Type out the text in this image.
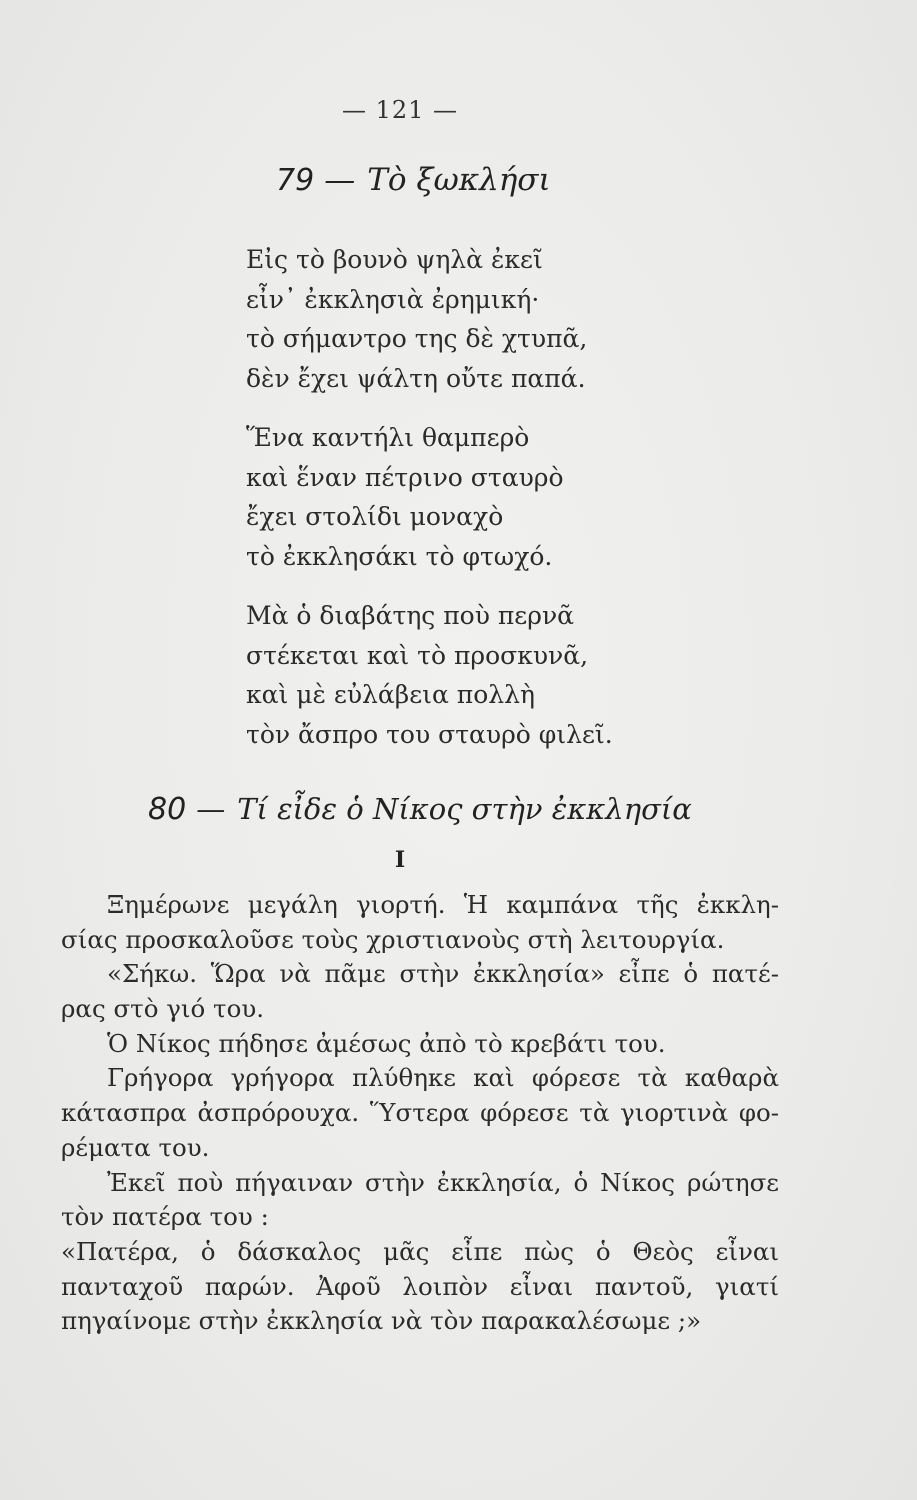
— 121 —
79 — Τὸ ξωκλήσι
Εἰς τὸ βουνὸ ψηλὰ ἐκεῖ
εἶν᾽ ἐκκλησιὰ ἐρημική·
τὸ σήμαντρο της δὲ χτυπᾶ,
δὲν ἔχει ψάλτη οὔτε παπά.
Ἕνα καντήλι θαμπερὸ
καὶ ἕναν πέτρινο σταυρὸ
ἔχει στολίδι μοναχὸ
τὸ ἐκκλησάκι τὸ φτωχό.
Μὰ ὁ διαβάτης ποὺ περνᾶ
στέκεται καὶ τὸ προσκυνᾶ,
καὶ μὲ εὐλάβεια πολλὴ
τὸν ἄσπρο του σταυρὸ φιλεῖ.
80 — Τί εἶδε ὁ Νίκος στὴν ἐκκλησία
I
Ξημέρωνε μεγάλη γιορτή. Ἡ καμπάνα τῆς ἐκκλη-
σίας προσκαλοῦσε τοὺς χριστιανοὺς στὴ λειτουργία.
«Σήκω. Ὥρα νὰ πᾶμε στὴν ἐκκλησία» εἶπε ὁ πατέ-
ρας στὸ γιό του.
Ὁ Νίκος πήδησε ἀμέσως ἀπὸ τὸ κρεβάτι του.
Γρήγορα γρήγορα πλύθηκε καὶ φόρεσε τὰ καθαρὰ
κάτασπρα ἀσπρόρουχα. Ὕστερα φόρεσε τὰ γιορτινὰ φο-
ρέματα του.
Ἐκεῖ ποὺ πήγαιναν στὴν ἐκκλησία, ὁ Νίκος ρώτησε
τὸν πατέρα του :
«Πατέρα, ὁ δάσκαλος μᾶς εἶπε πὼς ὁ Θεὸς εἶναι
πανταχοῦ παρών. Ἀφοῦ λοιπὸν εἶναι παντοῦ, γιατί
πηγαίνομε στὴν ἐκκλησία νὰ τὸν παρακαλέσωμε ;»
